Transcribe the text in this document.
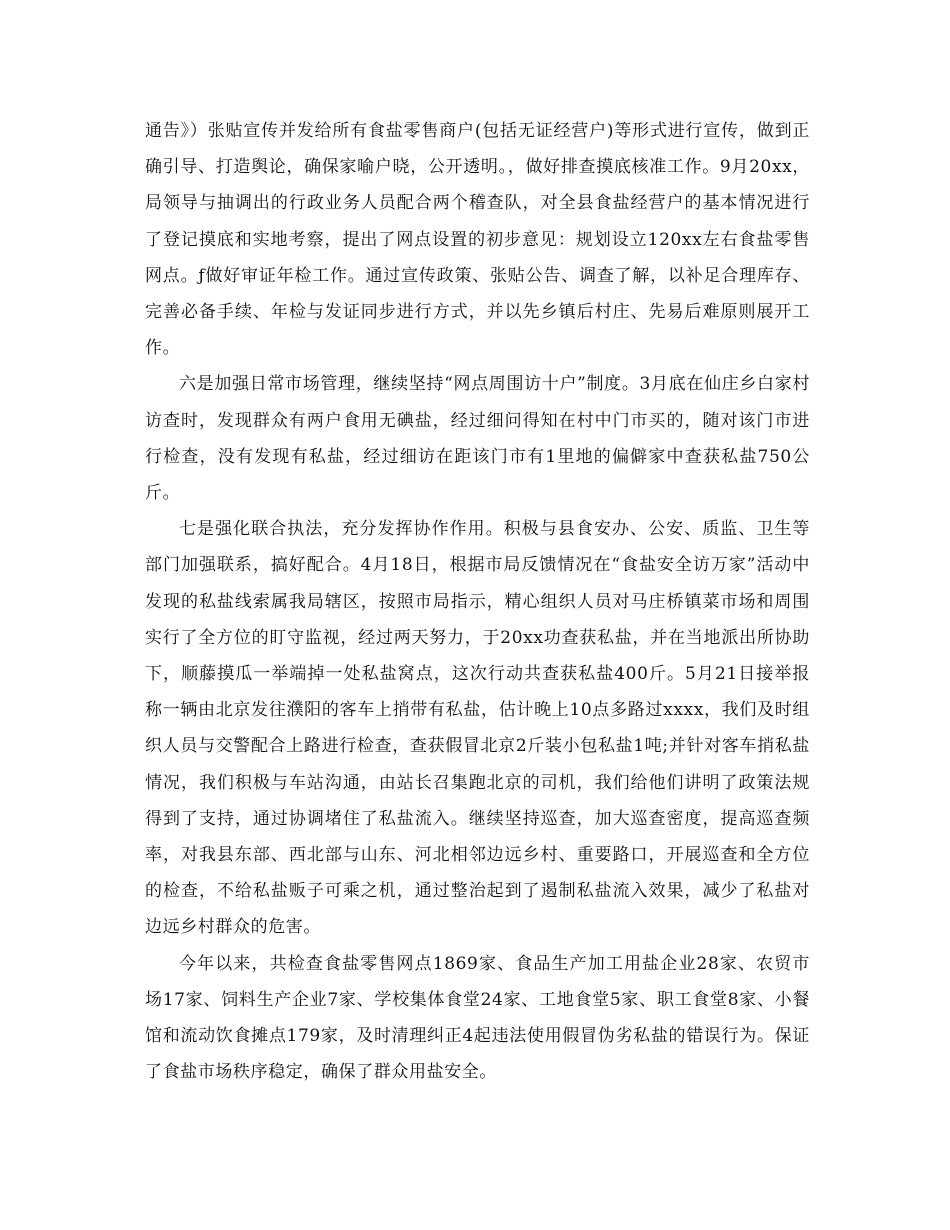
通告》）张贴宣传并发给所有食盐零售商户(包括无证经营户)等形式进行宣传，做到正确引导、打造舆论，确保家喻户晓，公开透明。，做好排查摸底核准工作。9月20xx，局领导与抽调出的行政业务人员配合两个稽查队，对全县食盐经营户的基本情况进行了登记摸底和实地考察，提出了网点设置的初步意见：规划设立120xx左右食盐零售网点。ƒ做好审证年检工作。通过宣传政策、张贴公告、调查了解，以补足合理库存、完善必备手续、年检与发证同步进行方式，并以先乡镇后村庄、先易后难原则展开工作。

六是加强日常市场管理，继续坚持“网点周围访十户”制度。3月底在仙庄乡白家村访查时，发现群众有两户食用无碘盐，经过细问得知在村中门市买的，随对该门市进行检查，没有发现有私盐，经过细访在距该门市有1里地的偏僻家中查获私盐750公斤。

七是强化联合执法，充分发挥协作作用。积极与县食安办、公安、质监、卫生等部门加强联系，搞好配合。4月18日，根据市局反馈情况在“食盐安全访万家”活动中发现的私盐线索属我局辖区，按照市局指示，精心组织人员对马庄桥镇菜市场和周围实行了全方位的盯守监视，经过两天努力，于20xx功查获私盐，并在当地派出所协助下，顺藤摸瓜一举端掉一处私盐窝点，这次行动共查获私盐400斤。5月21日接举报称一辆由北京发往濮阳的客车上捎带有私盐，估计晚上10点多路过xxxx，我们及时组织人员与交警配合上路进行检查，查获假冒北京2斤装小包私盐1吨;并针对客车捎私盐情况，我们积极与车站沟通，由站长召集跑北京的司机，我们给他们讲明了政策法规得到了支持，通过协调堵住了私盐流入。继续坚持巡查，加大巡查密度，提高巡查频率，对我县东部、西北部与山东、河北相邻边远乡村、重要路口，开展巡查和全方位的检查，不给私盐贩子可乘之机，通过整治起到了遏制私盐流入效果，减少了私盐对边远乡村群众的危害。

今年以来，共检查食盐零售网点1869家、食品生产加工用盐企业28家、农贸市场17家、饲料生产企业7家、学校集体食堂24家、工地食堂5家、职工食堂8家、小餐馆和流动饮食摊点179家，及时清理纠正4起违法使用假冒伪劣私盐的错误行为。保证了食盐市场秩序稳定，确保了群众用盐安全。
